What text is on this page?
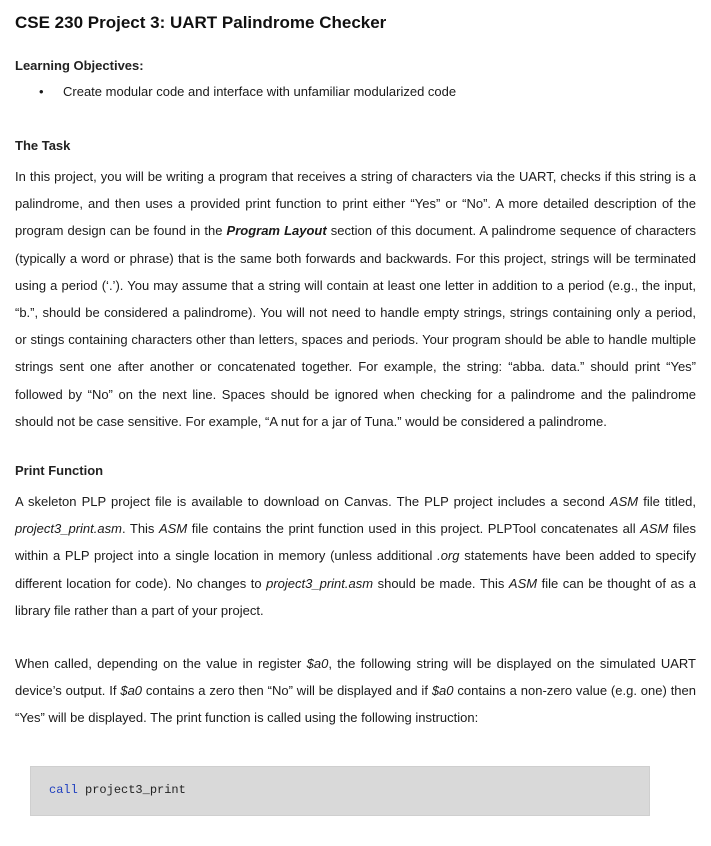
CSE 230 Project 3: UART Palindrome Checker
Learning Objectives:
• Create modular code and interface with unfamiliar modularized code
The Task

In this project, you will be writing a program that receives a string of characters via the UART, checks if this string is a palindrome, and then uses a provided print function to print either “Yes” or “No”. A more detailed description of the program design can be found in the Program Layout section of this document. A palindrome sequence of characters (typically a word or phrase) that is the same both forwards and backwards. For this project, strings will be terminated using a period (‘.’). You may assume that a string will contain at least one letter in addition to a period (e.g., the input, “b.”, should be considered a palindrome). You will not need to handle empty strings, strings containing only a period, or stings containing characters other than letters, spaces and periods. Your program should be able to handle multiple strings sent one after another or concatenated together. For example, the string: “abba. data.” should print “Yes” followed by “No” on the next line. Spaces should be ignored when checking for a palindrome and the palindrome should not be case sensitive. For example, “A nut for a jar of Tuna.” would be considered a palindrome.

Print Function

A skeleton PLP project file is available to download on Canvas. The PLP project includes a second ASM file titled, project3_print.asm. This ASM file contains the print function used in this project. PLPTool concatenates all ASM files within a PLP project into a single location in memory (unless additional .org statements have been added to specify different location for code). No changes to project3_print.asm should be made. This ASM file can be thought of as a library file rather than a part of your project.

When called, depending on the value in register $a0, the following string will be displayed on the simulated UART device’s output. If $a0 contains a zero then “No” will be displayed and if $a0 contains a non-zero value (e.g. one) then “Yes” will be displayed. The print function is called using the following instruction:

call project3_print
